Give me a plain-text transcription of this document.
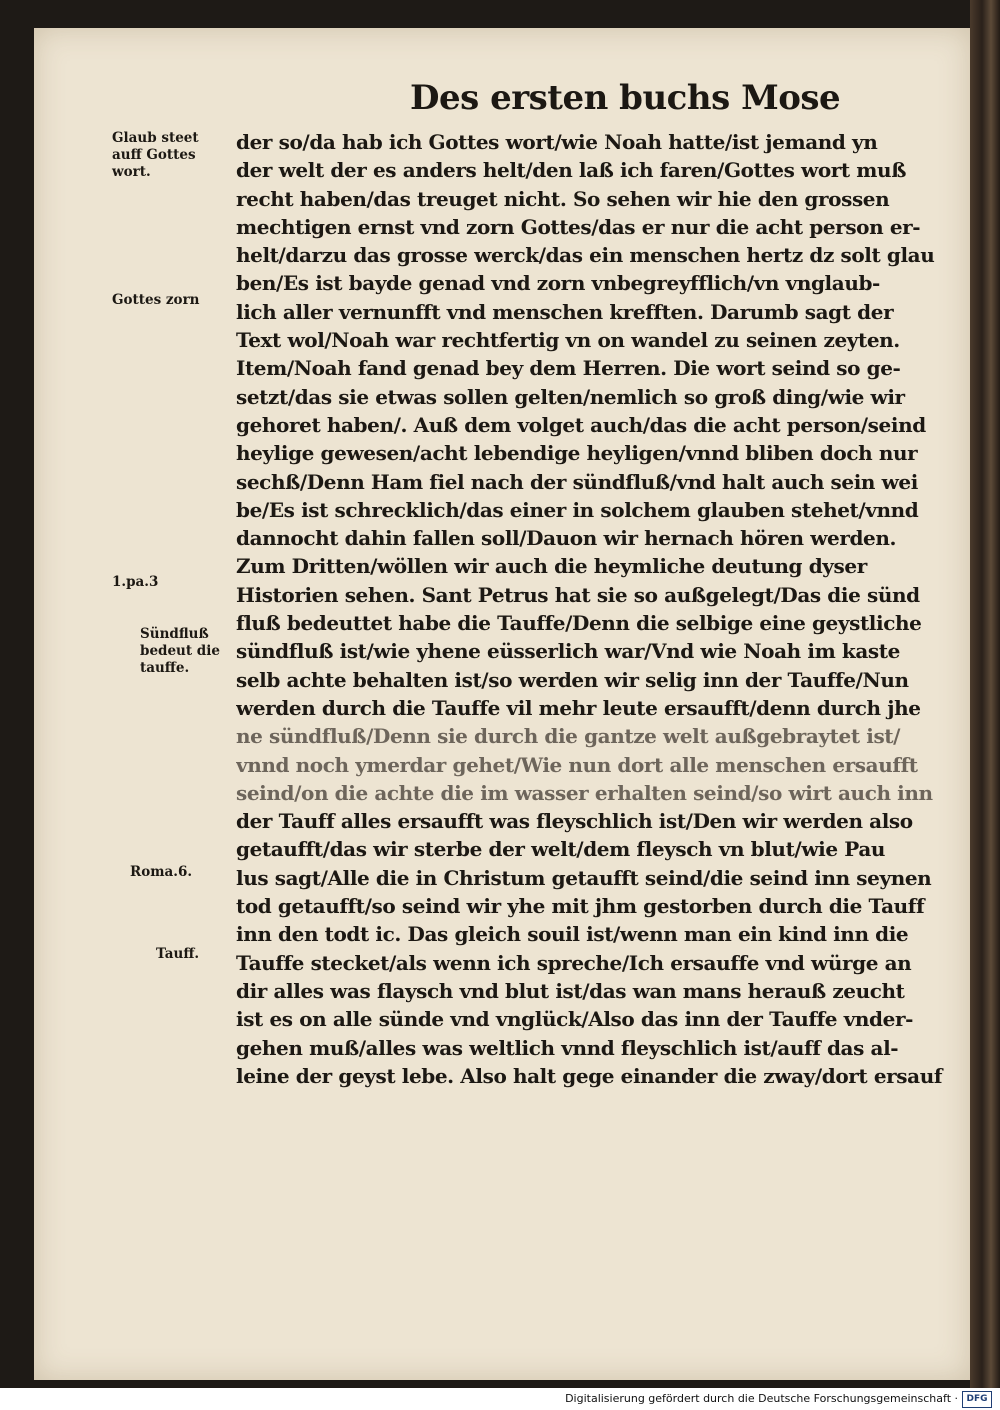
Des ersten buchs Mose
der so/da hab ich Gottes wort/wie Noah hatte/ist jemand yn
der welt der es anders helt/den laß ich faren/Gottes wort muß
recht haben/das treuget nicht. So sehen wir hie den grossen
mechtigen ernst vnd zorn Gottes/das er nur die acht person er-
helt/darzu das grosse werck/das ein menschen hertz dz solt glau
ben/Es ist bayde genad vnd zorn vnbegreyfflich/vn vnglaub-
lich aller vernunfft vnd menschen krefften. Darumb sagt der
Text wol/Noah war rechtfertig vn on wandel zu seinen zeyten.
Item/Noah fand genad bey dem Herren. Die wort seind so ge-
setzt/das sie etwas sollen gelten/nemlich so groß ding/wie wir
gehoret haben/. Auß dem volget auch/das die acht person/seind
heylige gewesen/acht lebendige heyligen/vnnd bliben doch nur
sechß/Denn Ham fiel nach der sündfluß/vnd halt auch sein wei
be/Es ist schrecklich/das einer in solchem glauben stehet/vnnd
dannocht dahin fallen soll/Dauon wir hernach hören werden.
Zum Dritten/wöllen wir auch die heymliche deutung dyser
Historien sehen. Sant Petrus hat sie so außgelegt/Das die sünd
fluß bedeuttet habe die Tauffe/Denn die selbige eine geystliche
sündfluß ist/wie yhene eüsserlich war/Vnd wie Noah im kaste
selb achte behalten ist/so werden wir selig inn der Tauffe/Nun
werden durch die Tauffe vil mehr leute ersaufft/denn durch jhe
ne sündfluß/Denn sie durch die gantze welt außgebraytet ist/
vnnd noch ymerdar gehet/Wie nun dort alle menschen ersaufft
seind/on die achte die im wasser erhalten seind/so wirt auch inn
der Tauff alles ersaufft was fleyschlich ist/Den wir werden also
getaufft/das wir sterbe der welt/dem fleysch vn blut/wie Pau
lus sagt/Alle die in Christum getaufft seind/die seind inn seynen
tod getaufft/so seind wir yhe mit jhm gestorben durch die Tauff
inn den todt ic. Das gleich souil ist/wenn man ein kind inn die
Tauffe stecket/als wenn ich spreche/Ich ersauffe vnd würge an
dir alles was flaysch vnd blut ist/das wan mans herauß zeucht
ist es on alle sünde vnd vnglück/Also das inn der Tauffe vnder-
gehen muß/alles was weltlich vnnd fleyschlich ist/auff das al-
leine der geyst lebe. Also halt gege einander die zway/dort ersauf
Glaub steet
auff Gottes
wort.
Gottes zorn
1.pa.3
Sündfluß
bedeut die
tauffe.
Roma.6.
Tauff.
Digitalisierung gefördert durch die Deutsche Forschungsgemeinschaft · DFG
